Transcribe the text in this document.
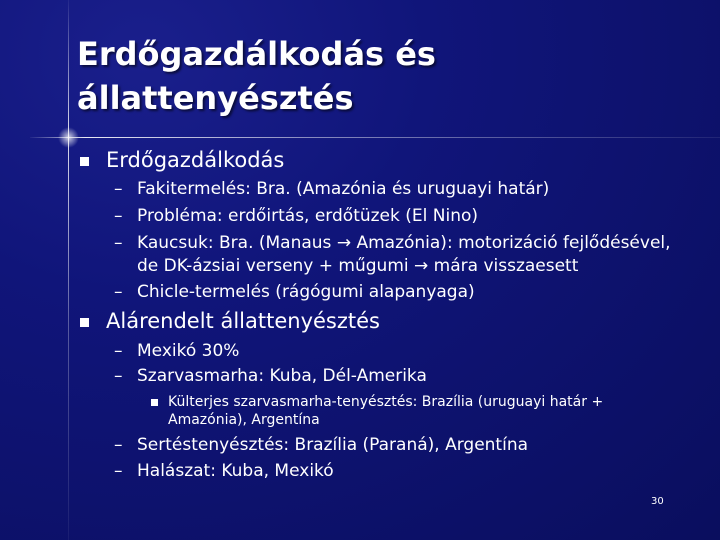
Erdőgazdálkodás és
állattenyésztés
Erdőgazdálkodás
– Fakitermelés: Bra. (Amazónia és uruguayi határ)
– Probléma: erdőirtás, erdőtüzek (El Nino)
– Kaucsuk: Bra. (Manaus → Amazónia): motorizáció fejlődésével,
de DK-ázsiai verseny + műgumi → mára visszaesett
– Chicle-termelés (rágógumi alapanyaga)
Alárendelt állattenyésztés
– Mexikó 30%
– Szarvasmarha: Kuba, Dél-Amerika
Külterjes szarvasmarha-tenyésztés: Brazília (uruguayi határ +
Amazónia), Argentína
– Sertéstenyésztés: Brazília (Paraná), Argentína
– Halászat: Kuba, Mexikó
30
